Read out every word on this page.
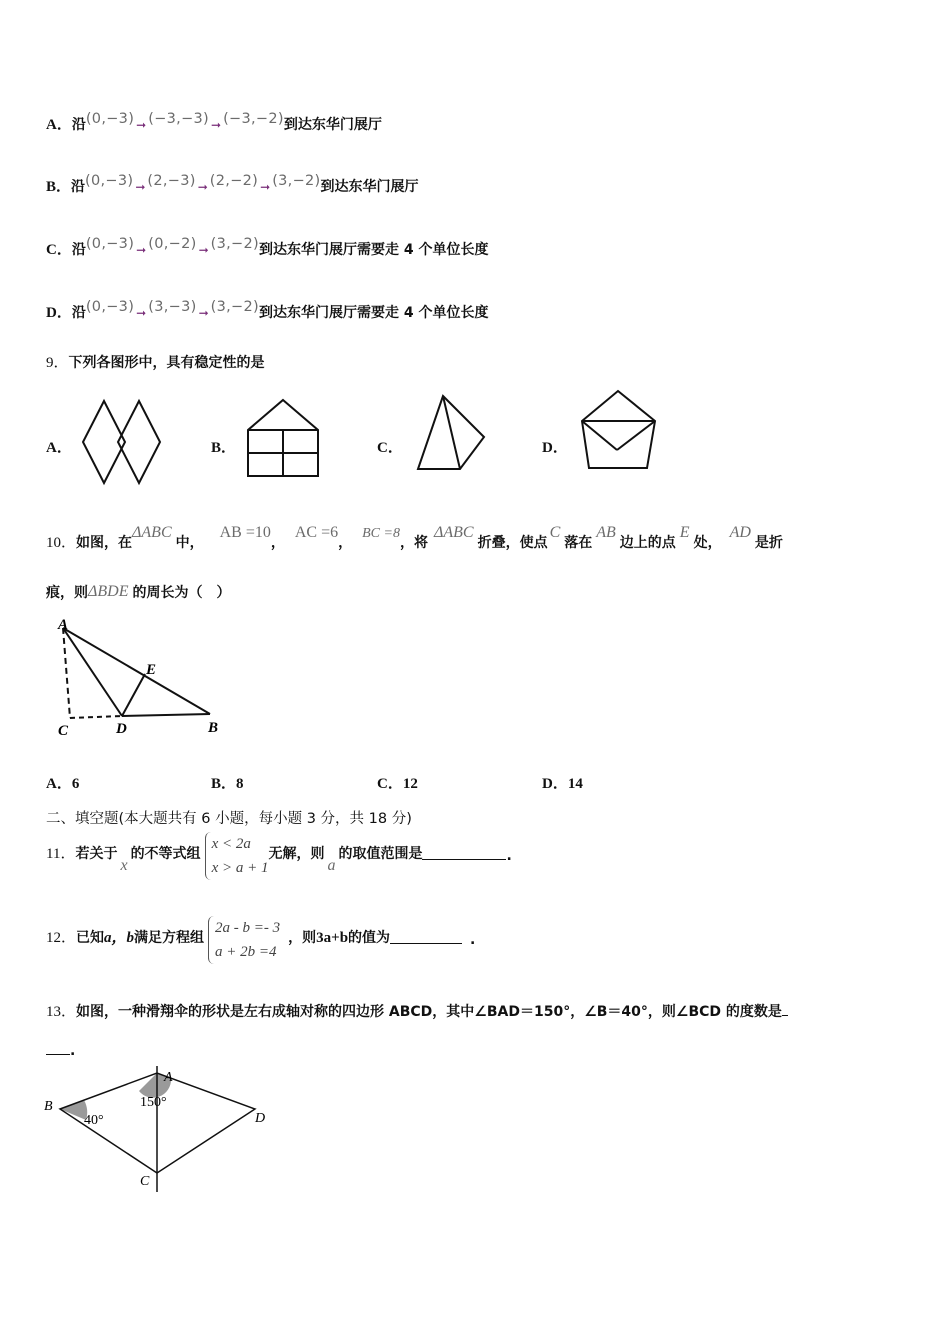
A．沿(0,−3) ➞ (−3,−3) ➞ (−3,−2)到达东华门展厅
B．沿(0,−3) ➞ (2,−3) ➞ (2,−2) ➞ (3,−2)到达东华门展厅
C．沿(0,−3) ➞ (0,−2) ➞ (3,−2)到达东华门展厅需要走 4 个单位长度
D．沿(0,−3) ➞ (3,−3) ➞ (3,−2)到达东华门展厅需要走 4 个单位长度
9．下列各图形中，具有稳定性的是
A．	B．	C．	D．
10．如图，在ΔABC中，AB =10，AC =6，BC =8，将ΔABC折叠，使点C落在AB边上的点E处，AD是折
痕，则ΔBDE 的周长为（　）
A
E
C	D	B
A．6	B．8	C．12	D．14
二、填空题(本大题共有 6 小题，每小题 3 分，共 18 分)
11．若关于x的不等式组
x < 2a
x > a + 1
无解，则a的取值范围是	.
12．已知a，b满足方程组
2a - b =- 3
a + 2b =4
，则3a+b的值为	.
13．如图，一种滑翔伞的形状是左右成轴对称的四边形 ABCD，其中∠BAD＝150°，∠B＝40°，则∠BCD 的度数是
.
A
B
D
C
150°
40°
